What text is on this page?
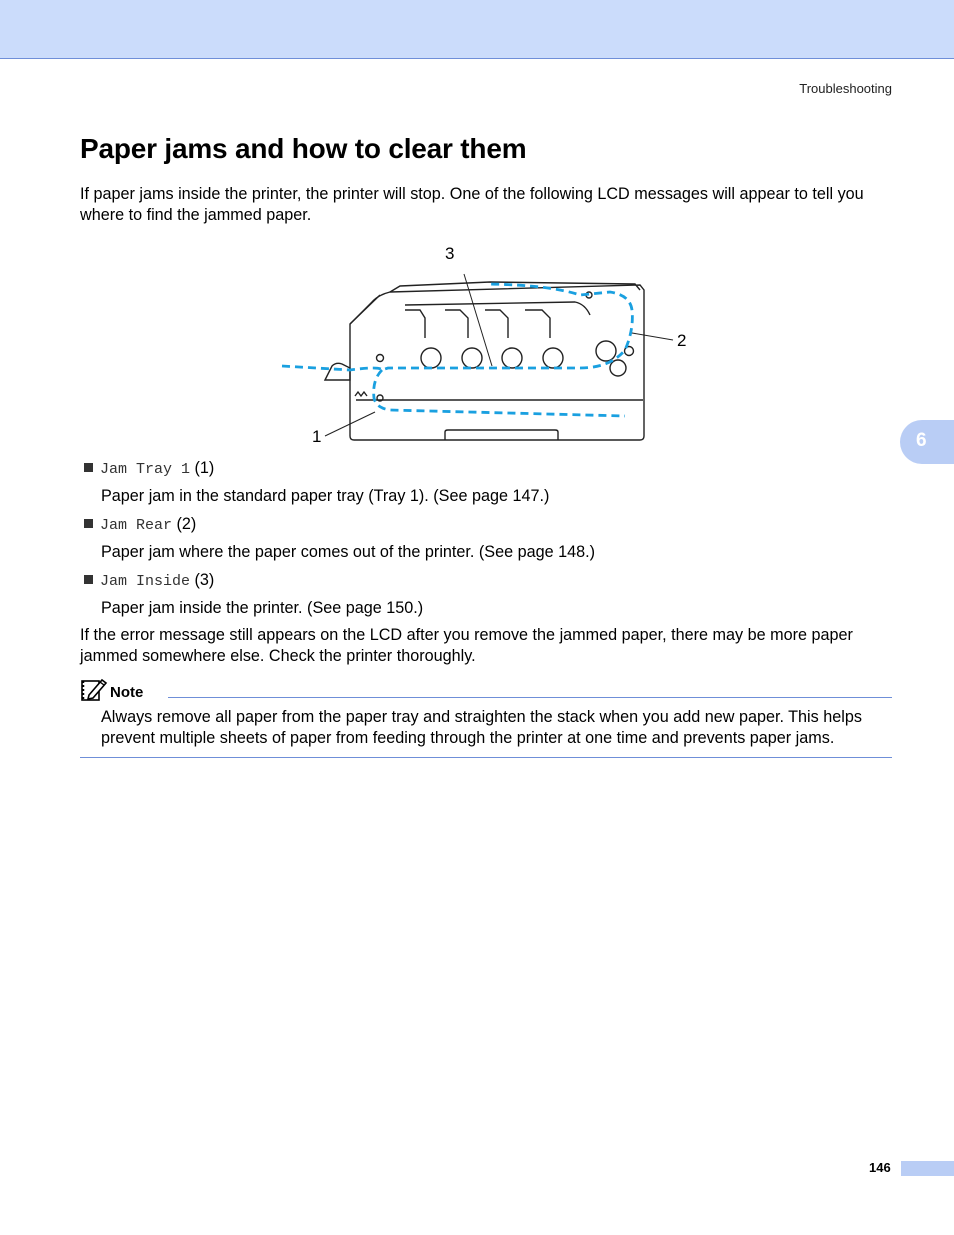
Troubleshooting
Paper jams and how to clear them

If paper jams inside the printer, the printer will stop. One of the following LCD messages will appear to tell you where to find the jammed paper.

1
2
3
Jam Tray 1 (1)

Paper jam in the standard paper tray (Tray 1). (See page 147.)

Jam Rear (2)

Paper jam where the paper comes out of the printer. (See page 148.)

Jam Inside (3)

Paper jam inside the printer. (See page 150.)

If the error message still appears on the LCD after you remove the jammed paper, there may be more paper jammed somewhere else. Check the printer thoroughly.

Note

Always remove all paper from the paper tray and straighten the stack when you add new paper. This helps prevent multiple sheets of paper from feeding through the printer at one time and prevents paper jams.

6
146
